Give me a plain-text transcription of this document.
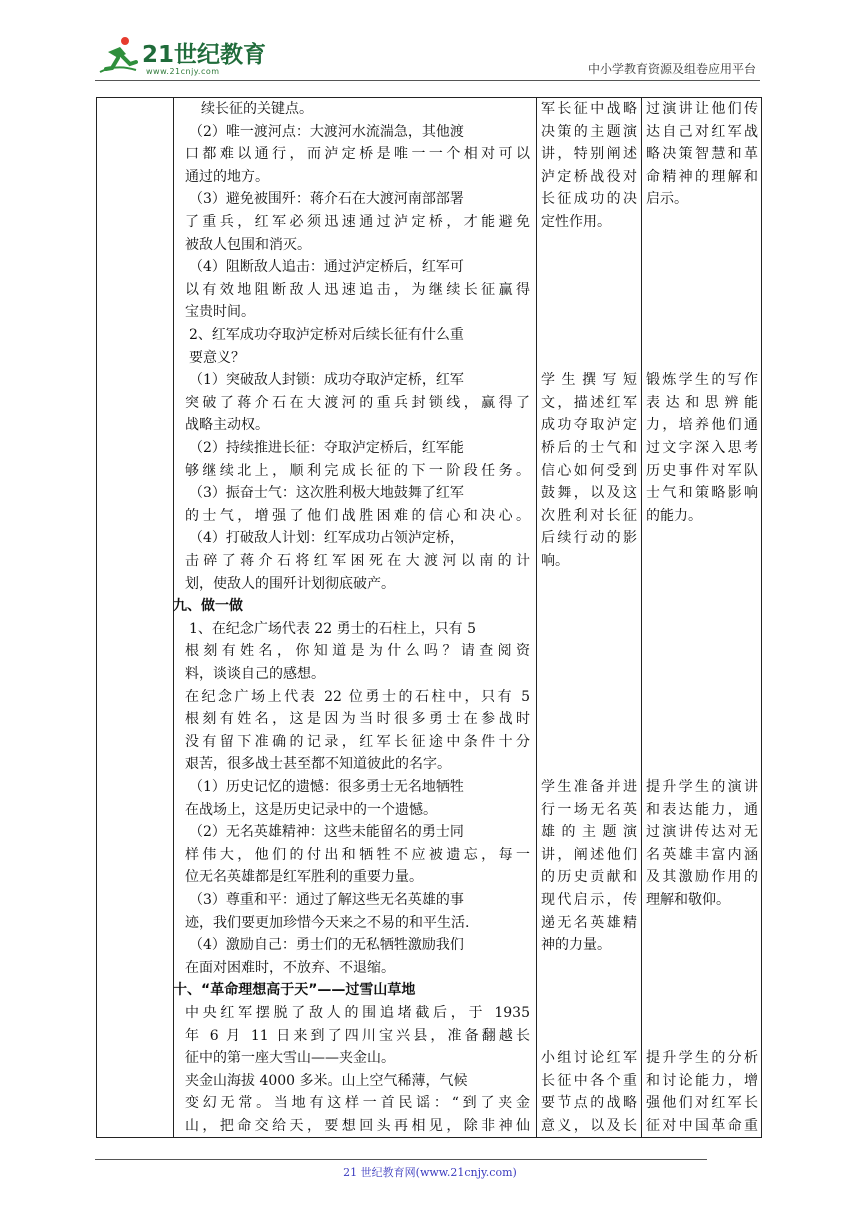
21世纪教育
www.21cnjy.com	中小学教育资源及组卷应用平台
续长征的关键点。
（2）唯一渡河点：大渡河水流湍急，其他渡
口都难以通行，而泸定桥是唯一一个相对可以
通过的地方。
（3）避免被围歼：蒋介石在大渡河南部部署
了重兵，红军必须迅速通过泸定桥，才能避免
被敌人包围和消灭。
（4）阻断敌人追击：通过泸定桥后，红军可
以有效地阻断敌人迅速追击，为继续长征赢得
宝贵时间。
2、红军成功夺取泸定桥对后续长征有什么重
要意义？
（1）突破敌人封锁：成功夺取泸定桥，红军
突破了蒋介石在大渡河的重兵封锁线，赢得了
战略主动权。
（2）持续推进长征：夺取泸定桥后，红军能
够继续北上，顺利完成长征的下一阶段任务。
（3）振奋士气：这次胜利极大地鼓舞了红军
的士气，增强了他们战胜困难的信心和决心。
（4）打破敌人计划：红军成功占领泸定桥，
击碎了蒋介石将红军困死在大渡河以南的计
划，使敌人的围歼计划彻底破产。
九、做一做
1、在纪念广场代表 22 勇士的石柱上，只有 5
根刻有姓名，你知道是为什么吗？请查阅资
料，谈谈自己的感想。
在纪念广场上代表 22 位勇士的石柱中，只有 5
根刻有姓名，这是因为当时很多勇士在参战时
没有留下准确的记录，红军长征途中条件十分
艰苦，很多战士甚至都不知道彼此的名字。
（1）历史记忆的遗憾：很多勇士无名地牺牲
在战场上，这是历史记录中的一个遗憾。
（2）无名英雄精神：这些未能留名的勇士同
样伟大，他们的付出和牺牲不应被遗忘，每一
位无名英雄都是红军胜利的重要力量。
（3）尊重和平：通过了解这些无名英雄的事
迹，我们要更加珍惜今天来之不易的和平生活.
（4）激励自己：勇士们的无私牺牲激励我们
在面对困难时，不放弃、不退缩。
十、“革命理想高于天”——过雪山草地
中央红军摆脱了敌人的围追堵截后，于 1935
年 6 月 11 日来到了四川宝兴县，准备翻越长
征中的第一座大雪山——夹金山。
夹金山海拔 4000 多米。山上空气稀薄，气候
变幻无常。当地有这样一首民谣：“到了夹金
山，把命交给天，要想回头再相见，除非神仙
军长征中战略
决策的主题演
讲，特别阐述
泸定桥战役对
长征成功的决
定性作用。
学生撰写短
文，描述红军
成功夺取泸定
桥后的士气和
信心如何受到
鼓舞，以及这
次胜利对长征
后续行动的影
响。
学生准备并进
行一场无名英
雄的主题演
讲，阐述他们
的历史贡献和
现代启示，传
递无名英雄精
神的力量。
小组讨论红军
长征中各个重
要节点的战略
意义，以及长
过演讲让他们传
达自己对红军战
略决策智慧和革
命精神的理解和
启示。
锻炼学生的写作
表达和思辨能
力，培养他们通
过文字深入思考
历史事件对军队
士气和策略影响
的能力。
提升学生的演讲
和表达能力，通
过演讲传达对无
名英雄丰富内涵
及其激励作用的
理解和敬仰。
提升学生的分析
和讨论能力，增
强他们对红军长
征对中国革命重
21 世纪教育网(www.21cnjy.com)
